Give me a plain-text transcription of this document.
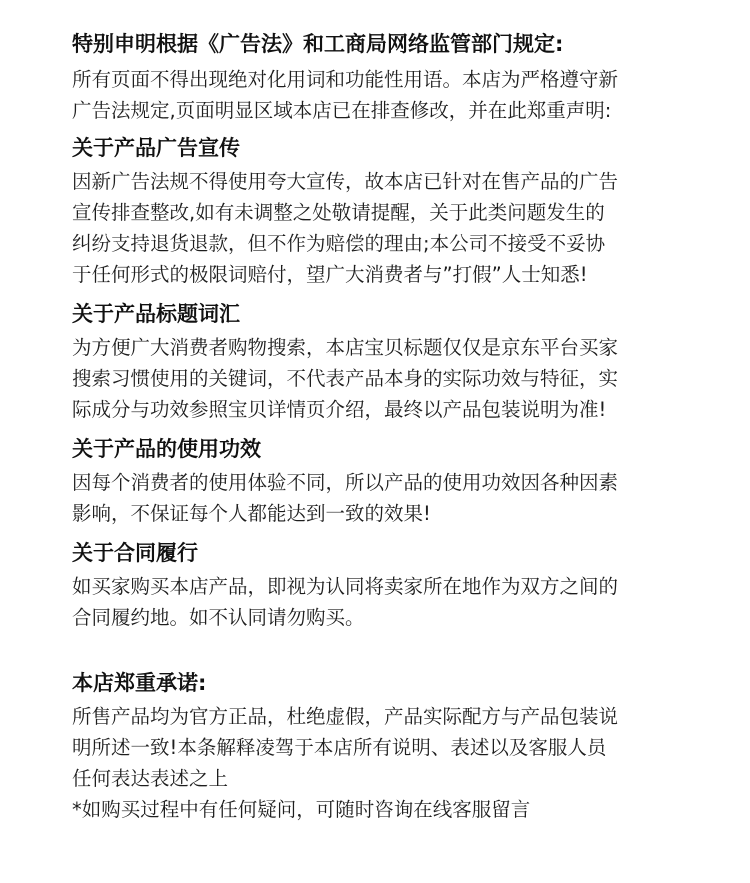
特别申明根据《广告法》和工商局网络监管部门规定:

所有页面不得出现绝对化用词和功能性用语。本店为严格遵守新

广告法规定,页面明显区域本店已在排查修改，并在此郑重声明:

关于产品广告宣传

因新广告法规不得使用夸大宣传，故本店已针对在售产品的广告

宣传排查整改,如有未调整之处敬请提醒，关于此类问题发生的

纠纷支持退货退款，但不作为赔偿的理由;本公司不接受不妥协

于任何形式的极限词赔付，望广大消费者与”打假”人士知悉!

关于产品标题词汇

为方便广大消费者购物搜索，本店宝贝标题仅仅是京东平台买家

搜索习惯使用的关键词，不代表产品本身的实际功效与特征，实

际成分与功效参照宝贝详情页介绍，最终以产品包装说明为准!

关于产品的使用功效

因每个消费者的使用体验不同，所以产品的使用功效因各种因素

影响，不保证每个人都能达到一致的效果!

关于合同履行

如买家购买本店产品，即视为认同将卖家所在地作为双方之间的

合同履约地。如不认同请勿购买。

本店郑重承诺:

所售产品均为官方正品，杜绝虚假，产品实际配方与产品包装说

明所述一致!本条解释凌驾于本店所有说明、表述以及客服人员

任何表达表述之上

*如购买过程中有任何疑问，可随时咨询在线客服留言
